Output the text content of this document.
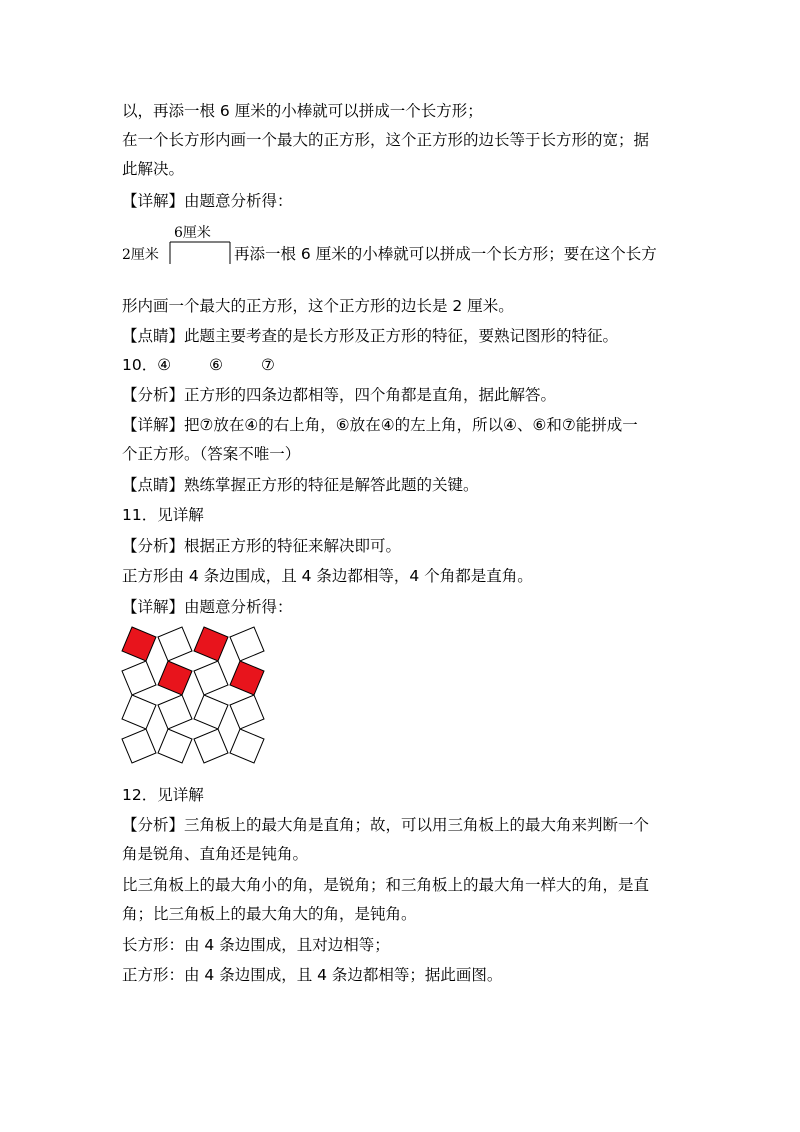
以，再添一根 6 厘米的小棒就可以拼成一个长方形；
在一个长方形内画一个最大的正方形，这个正方形的边长等于长方形的宽；据
此解决。
【详解】由题意分析得：
6厘米
2厘米	再添一根 6 厘米的小棒就可以拼成一个长方形；要在这个长方
形内画一个最大的正方形，这个正方形的边长是 2 厘米。
【点睛】此题主要考查的是长方形及正方形的特征，要熟记图形的特征。
10．④ ⑥ ⑦
【分析】正方形的四条边都相等，四个角都是直角，据此解答。
【详解】把⑦放在④的右上角，⑥放在④的左上角，所以④、⑥和⑦能拼成一
个正方形。（答案不唯一）
【点睛】熟练掌握正方形的特征是解答此题的关键。
11．见详解
【分析】根据正方形的特征来解决即可。
正方形由 4 条边围成，且 4 条边都相等，4 个角都是直角。
【详解】由题意分析得：
12．见详解
【分析】三角板上的最大角是直角；故，可以用三角板上的最大角来判断一个
角是锐角、直角还是钝角。
比三角板上的最大角小的角，是锐角；和三角板上的最大角一样大的角，是直
角；比三角板上的最大角大的角，是钝角。
长方形：由 4 条边围成，且对边相等；
正方形：由 4 条边围成，且 4 条边都相等；据此画图。
